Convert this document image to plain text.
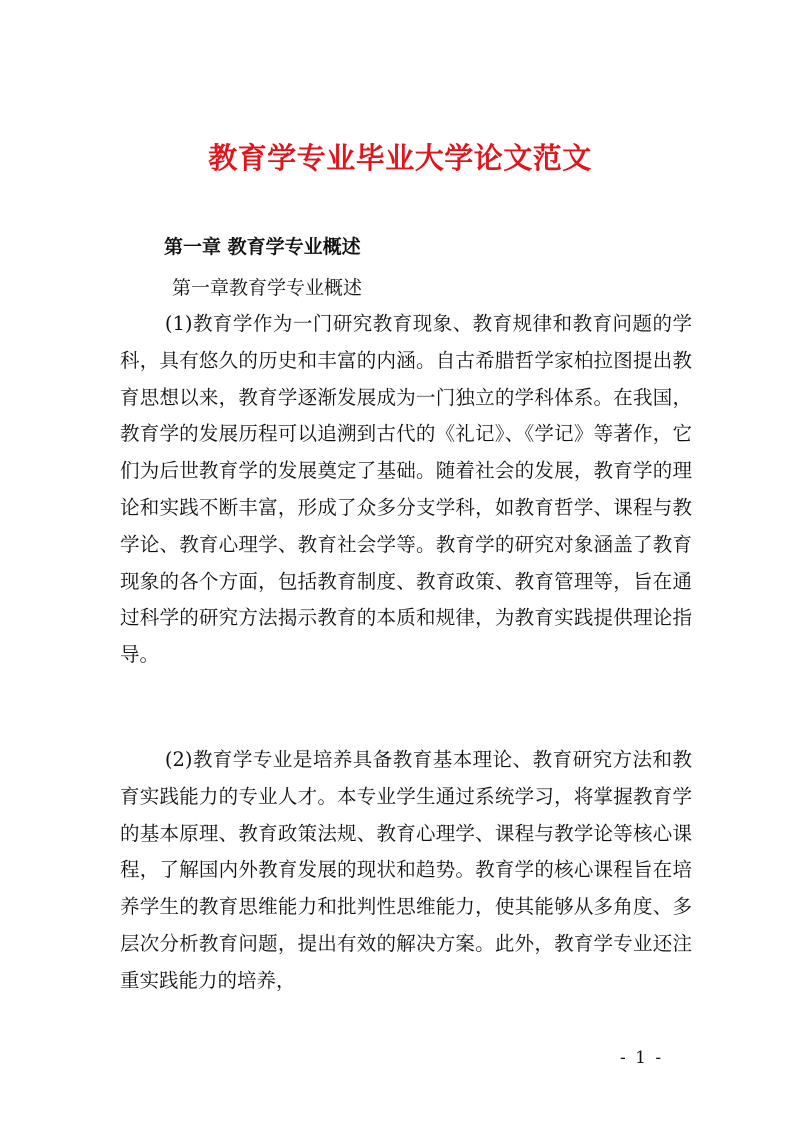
教育学专业毕业大学论文范文
第一章 教育学专业概述

第一章教育学专业概述

(1)教育学作为一门研究教育现象、教育规律和教育问题的学科，具有悠久的历史和丰富的内涵。自古希腊哲学家柏拉图提出教育思想以来，教育学逐渐发展成为一门独立的学科体系。在我国，教育学的发展历程可以追溯到古代的《礼记》、《学记》等著作，它们为后世教育学的发展奠定了基础。随着社会的发展，教育学的理论和实践不断丰富，形成了众多分支学科，如教育哲学、课程与教学论、教育心理学、教育社会学等。教育学的研究对象涵盖了教育现象的各个方面，包括教育制度、教育政策、教育管理等，旨在通过科学的研究方法揭示教育的本质和规律，为教育实践提供理论指导。

(2)教育学专业是培养具备教育基本理论、教育研究方法和教育实践能力的专业人才。本专业学生通过系统学习，将掌握教育学的基本原理、教育政策法规、教育心理学、课程与教学论等核心课程，了解国内外教育发展的现状和趋势。教育学的核心课程旨在培养学生的教育思维能力和批判性思维能力，使其能够从多角度、多层次分析教育问题，提出有效的解决方案。此外，教育学专业还注重实践能力的培养，

- 1 -
